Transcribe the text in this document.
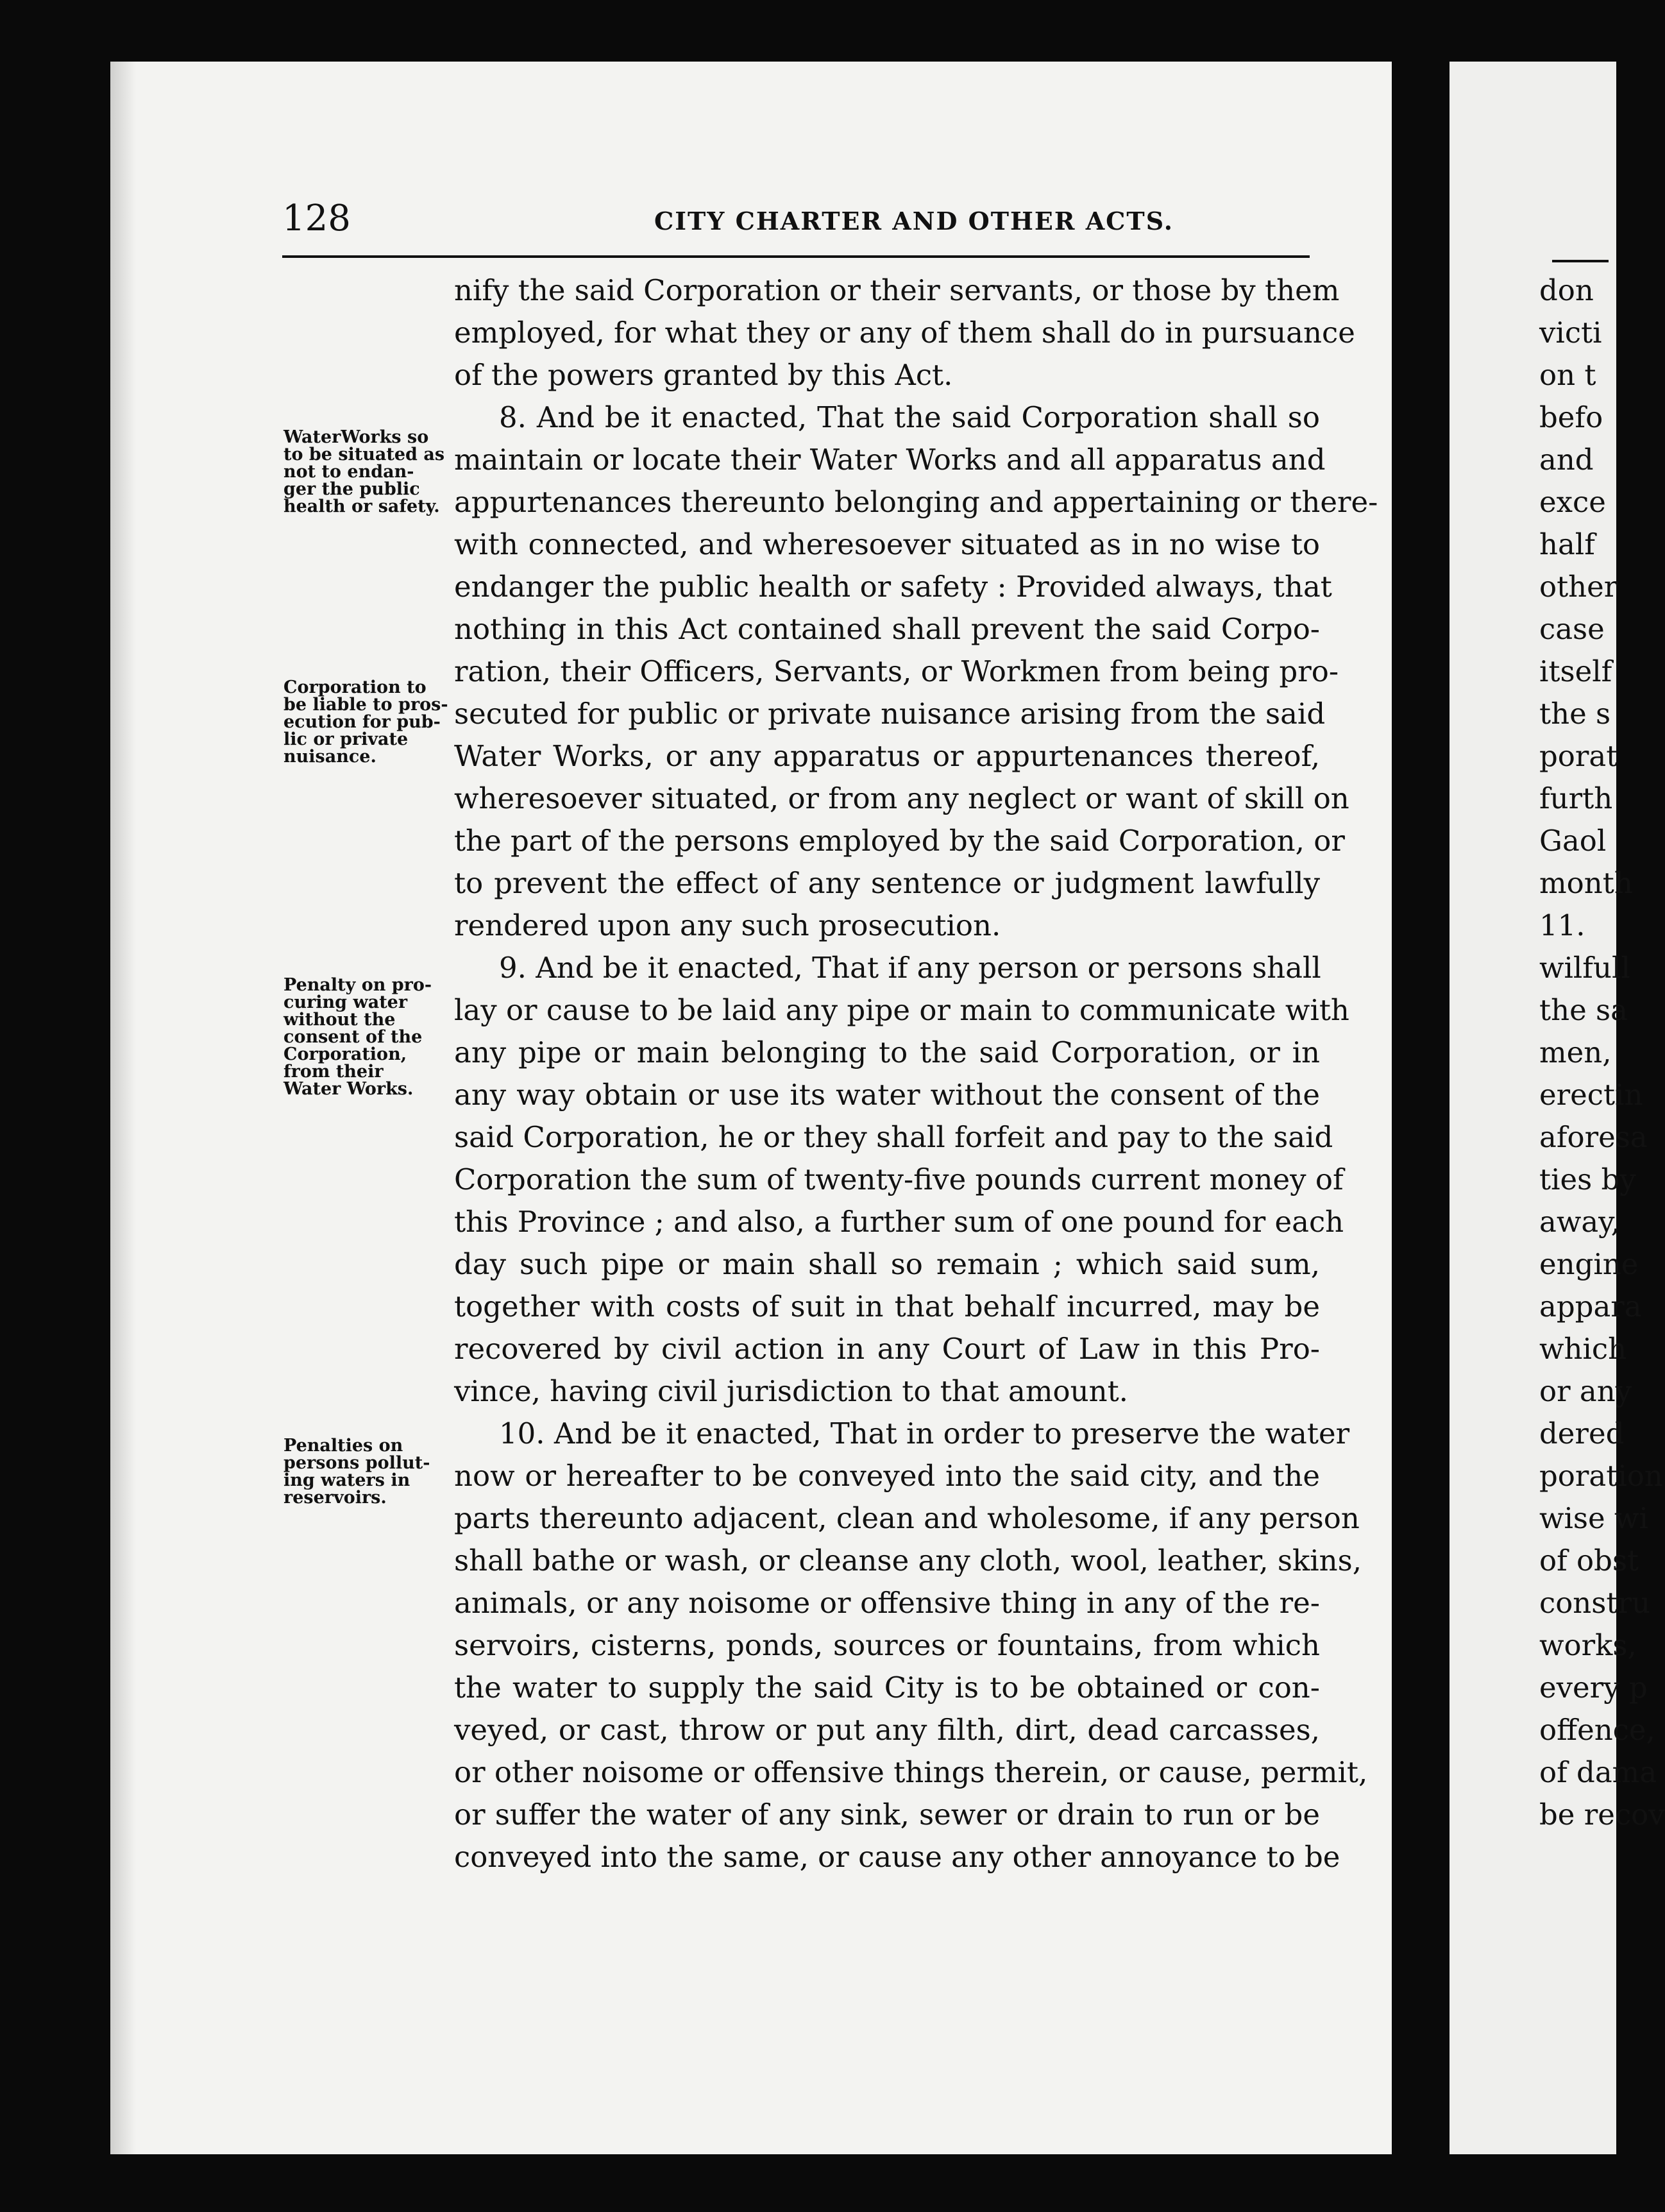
128	CITY CHARTER AND OTHER ACTS.
WaterWorks so
to be situated as
not to endan-
ger the public
health or safety.
Corporation to
be liable to pros-
ecution for pub-
lic or private
nuisance.
Penalty on pro-
curing water
without the
consent of the
Corporation,
from their
Water Works.
Penalties on
persons pollut-
ing waters in
reservoirs.
nify the said Corporation or their servants, or those by them
employed, for what they or any of them shall do in pursuance
of the powers granted by this Act.
8. And be it enacted, That the said Corporation shall so
maintain or locate their Water Works and all apparatus and
appurtenances thereunto belonging and appertaining or there-
with connected, and wheresoever situated as in no wise to
endanger the public health or safety : Provided always, that
nothing in this Act contained shall prevent the said Corpo-
ration, their Officers, Servants, or Workmen from being pro-
secuted for public or private nuisance arising from the said
Water Works, or any apparatus or appurtenances thereof,
wheresoever situated, or from any neglect or want of skill on
the part of the persons employed by the said Corporation, or
to prevent the effect of any sentence or judgment lawfully
rendered upon any such prosecution.
9. And be it enacted, That if any person or persons shall
lay or cause to be laid any pipe or main to communicate with
any pipe or main belonging to the said Corporation, or in
any way obtain or use its water without the consent of the
said Corporation, he or they shall forfeit and pay to the said
Corporation the sum of twenty-five pounds current money of
this Province ; and also, a further sum of one pound for each
day such pipe or main shall so remain ; which said sum,
together with costs of suit in that behalf incurred, may be
recovered by civil action in any Court of Law in this Pro-
vince, having civil jurisdiction to that amount.
10. And be it enacted, That in order to preserve the water
now or hereafter to be conveyed into the said city, and the
parts thereunto adjacent, clean and wholesome, if any person
shall bathe or wash, or cleanse any cloth, wool, leather, skins,
animals, or any noisome or offensive thing in any of the re-
servoirs, cisterns, ponds, sources or fountains, from which
the water to supply the said City is to be obtained or con-
veyed, or cast, throw or put any filth, dirt, dead carcasses,
or other noisome or offensive things therein, or cause, permit,
or suffer the water of any sink, sewer or drain to run or be
conveyed into the same, or cause any other annoyance to be
don
victi
on t
befo
and
exce
half
other
case
itself
the s
porat
furth
Gaol
month
11.
wilfull
the sa
men,
erectin
aforesa
ties by
away,
engine
appara
which
or any
dered
poration
wise wi
of obst
constru
works,
every p
offence,
of dama
be recov
